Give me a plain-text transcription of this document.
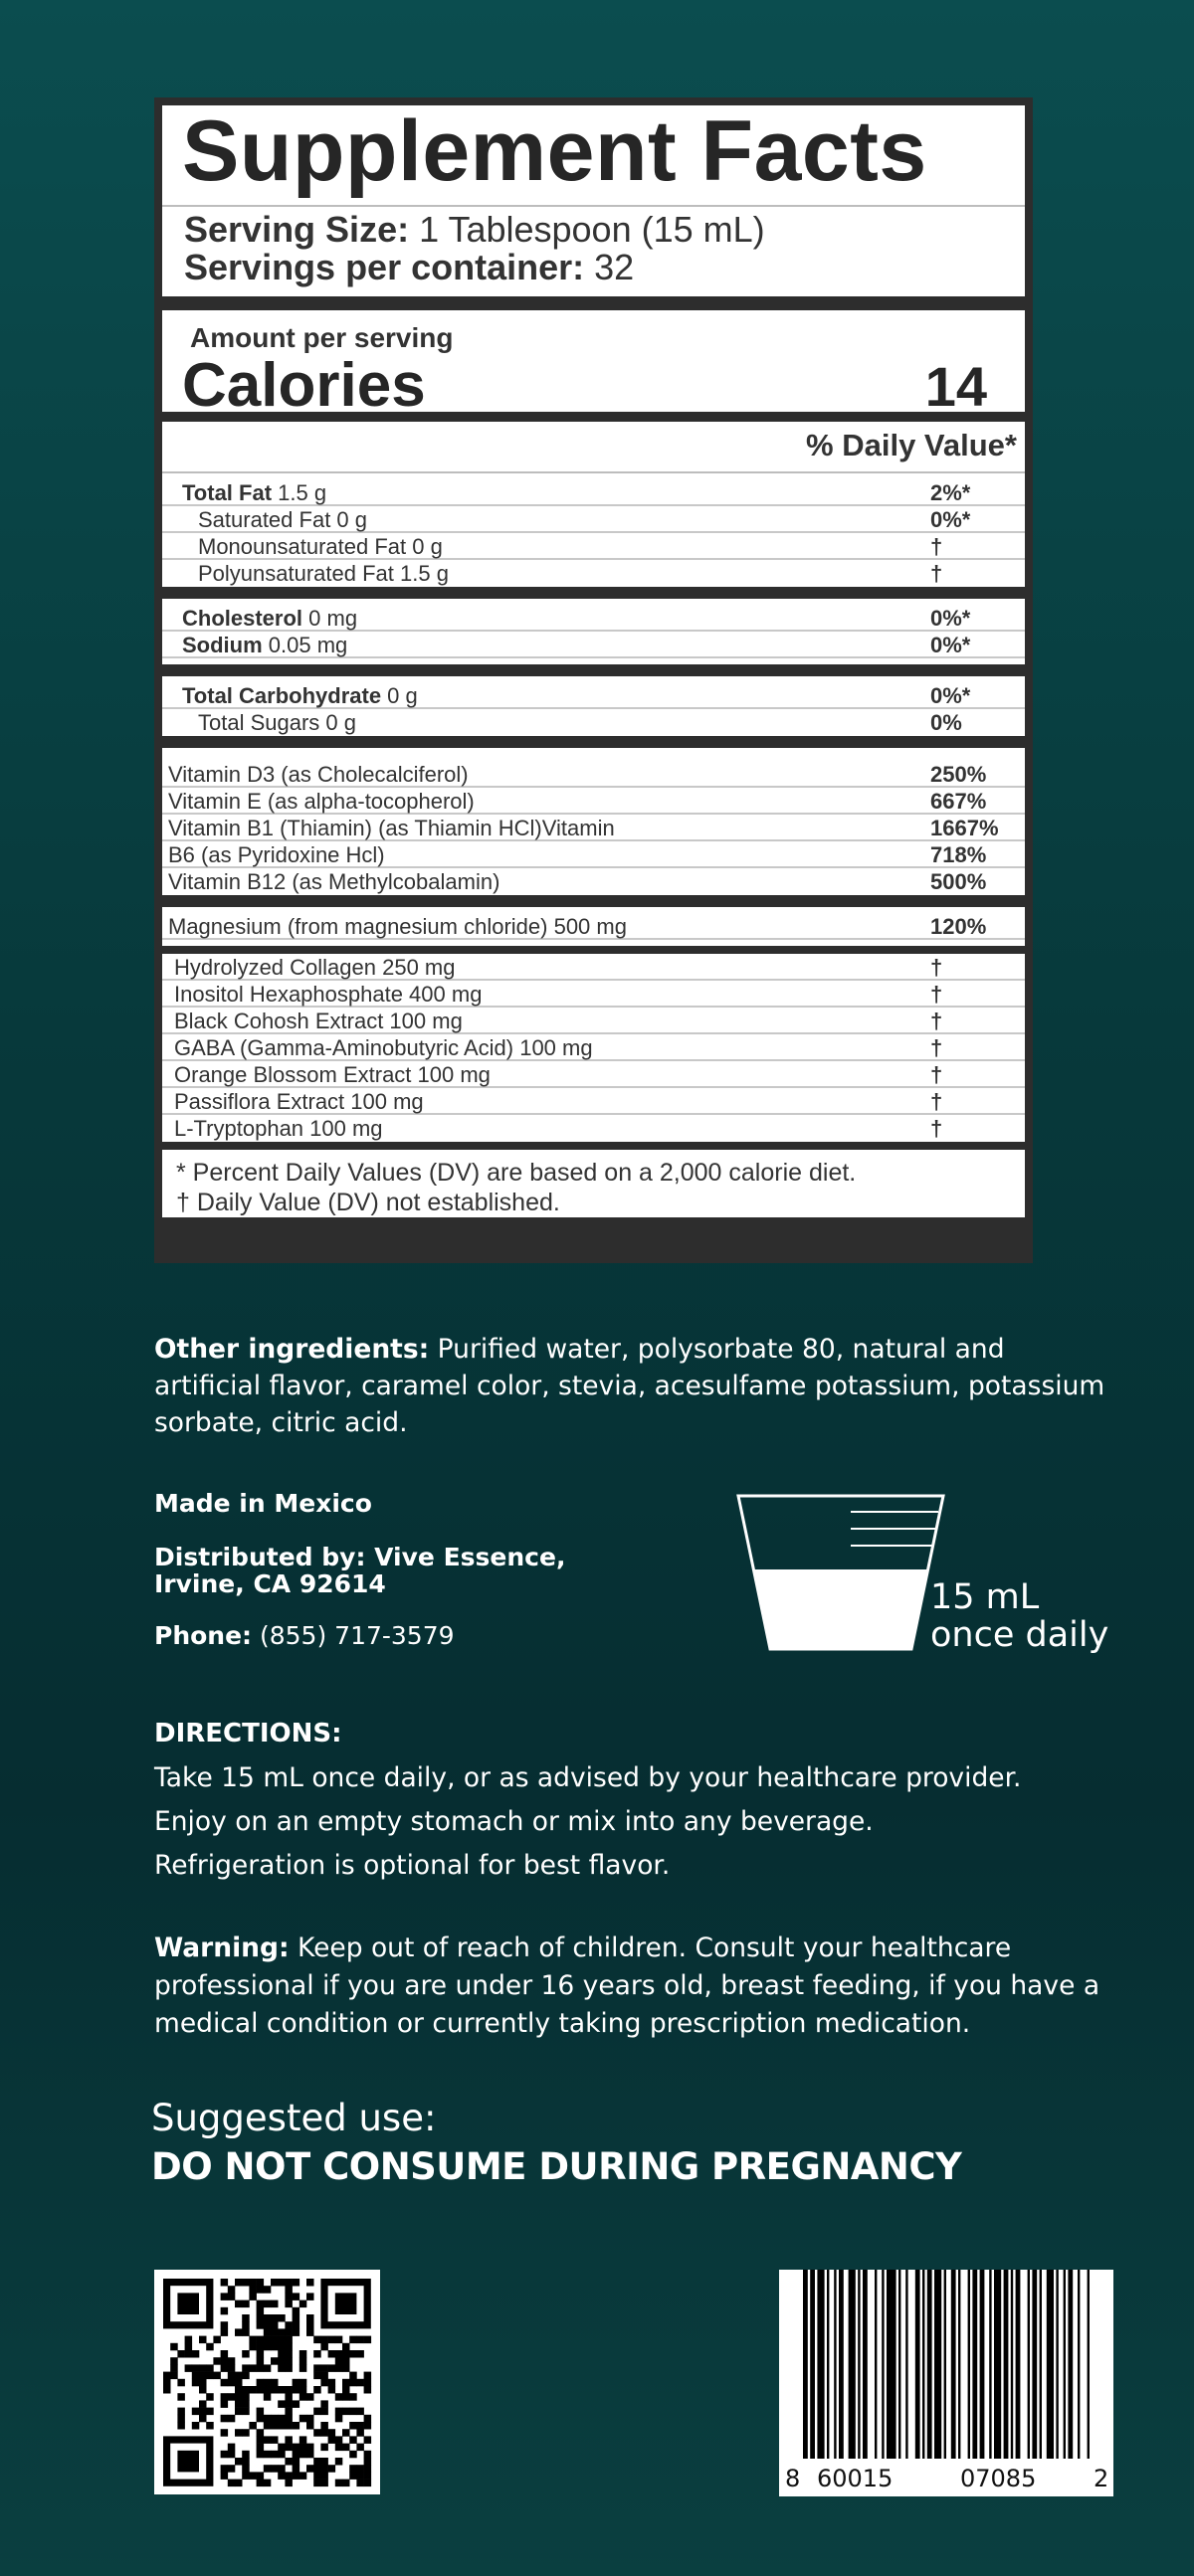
Supplement Facts
Serving Size: 1 Tablespoon (15 mL)
Servings per container: 32
Amount per serving
Calories	14
% Daily Value*
Total Fat 1.5 g	2%*
Saturated Fat 0 g	0%*
Monounsaturated Fat 0 g	†
Polyunsaturated Fat 1.5 g	†
Cholesterol 0 mg	0%*
Sodium 0.05 mg	0%*
Total Carbohydrate 0 g	0%*
Total Sugars 0 g	0%
Vitamin D3 (as Cholecalciferol)	250%
Vitamin E (as alpha-tocopherol)	667%
Vitamin B1 (Thiamin) (as Thiamin HCl)Vitamin	1667%
B6 (as Pyridoxine Hcl)	718%
Vitamin B12 (as Methylcobalamin)	500%
Magnesium (from magnesium chloride) 500 mg	120%
Hydrolyzed Collagen 250 mg	†
Inositol Hexaphosphate 400 mg	†
Black Cohosh Extract 100 mg	†
GABA (Gamma-Aminobutyric Acid) 100 mg	†
Orange Blossom Extract 100 mg	†
Passiflora Extract 100 mg	†
L-Tryptophan 100 mg	†
* Percent Daily Values (DV) are based on a 2,000 calorie diet.
† Daily Value (DV) not established.
Other ingredients: Purified water, polysorbate 80, natural and artificial flavor, caramel color, stevia, acesulfame potassium, potassium sorbate, citric acid.
Made in Mexico
Distributed by: Vive Essence,
Irvine, CA 92614
Phone: (855) 717-3579
15 mL
once daily
DIRECTIONS:
Take 15 mL once daily, or as advised by your healthcare provider.
Enjoy on an empty stomach or mix into any beverage.
Refrigeration is optional for best flavor.
Warning: Keep out of reach of children. Consult your healthcare professional if you are under 16 years old, breast feeding, if you have a medical condition or currently taking prescription medication.
Suggested use:
DO NOT CONSUME DURING PREGNANCY
8 60015	07085 2
